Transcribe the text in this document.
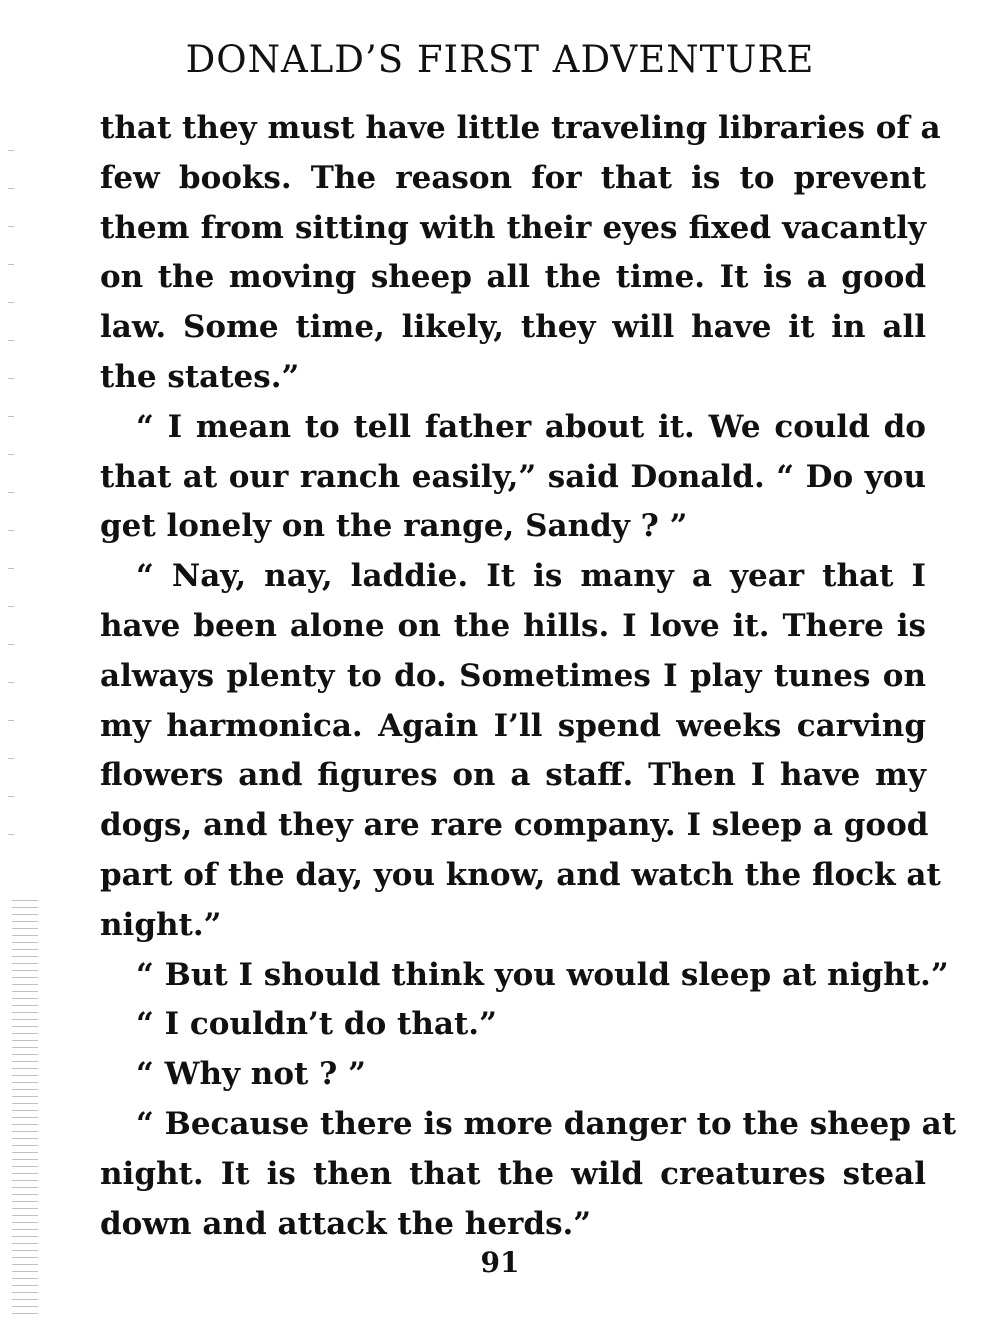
DONALD’S FIRST ADVENTURE
that they must have little traveling libraries of a
few books. The reason for that is to prevent
them from sitting with their eyes fixed vacantly
on the moving sheep all the time. It is a good
law. Some time, likely, they will have it in all
the states.”
“ I mean to tell father about it. We could do
that at our ranch easily,” said Donald. “ Do you
get lonely on the range, Sandy ? ”
“ Nay, nay, laddie. It is many a year that I
have been alone on the hills. I love it. There is
always plenty to do. Sometimes I play tunes on
my harmonica. Again I’ll spend weeks carving
flowers and figures on a staff. Then I have my
dogs, and they are rare company. I sleep a good
part of the day, you know, and watch the flock at
night.”
“ But I should think you would sleep at night.”
“ I couldn’t do that.”
“ Why not ? ”
“ Because there is more danger to the sheep at
night. It is then that the wild creatures steal
down and attack the herds.”
91
